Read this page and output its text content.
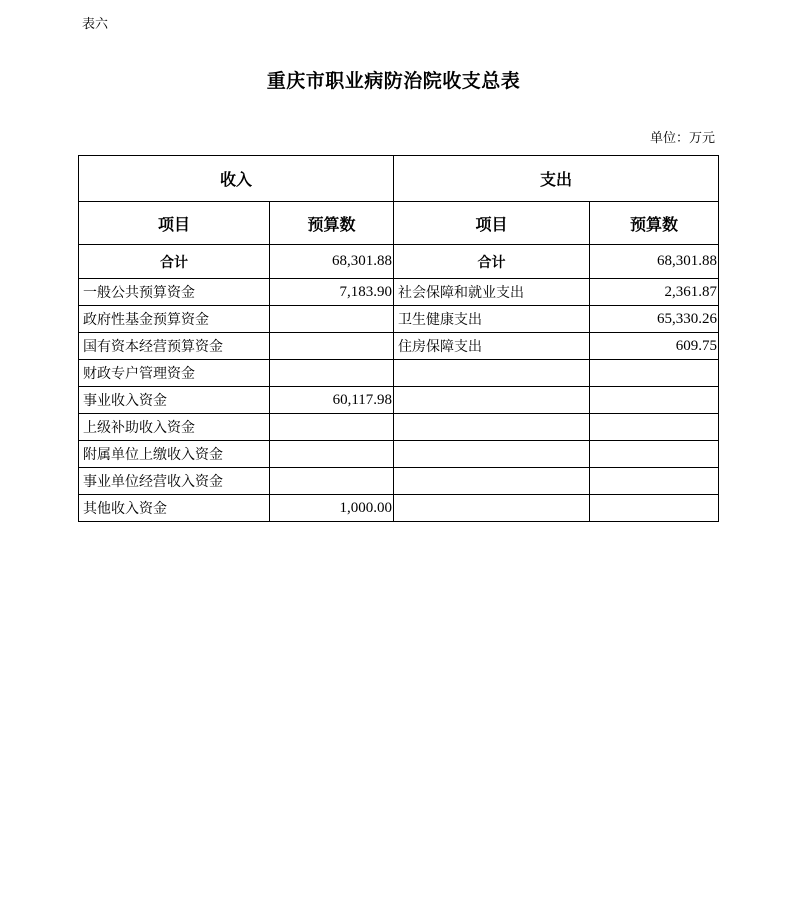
表六
重庆市职业病防治院收支总表
单位：万元
收入		支出	
项目	预算数	项目	预算数
合计	68,301.88	合计	68,301.88
一般公共预算资金	7,183.90	社会保障和就业支出	2,361.87
政府性基金预算资金		卫生健康支出	65,330.26
国有资本经营预算资金		住房保障支出	609.75
财政专户管理资金			
事业收入资金	60,117.98		
上级补助收入资金			
附属单位上缴收入资金			
事业单位经营收入资金			
其他收入资金	1,000.00		
